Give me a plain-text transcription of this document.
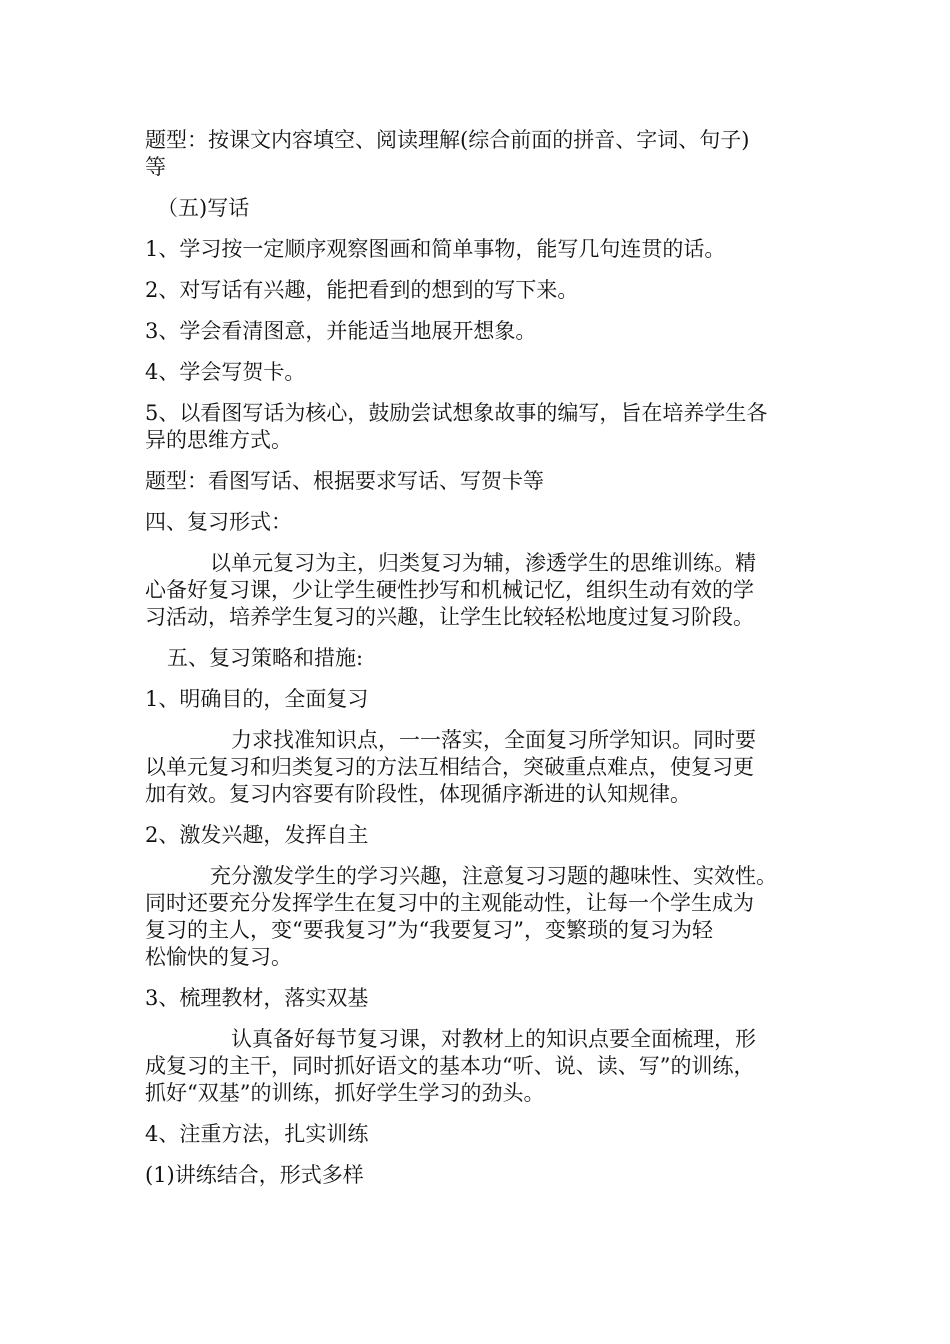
题型：按课文内容填空、阅读理解(综合前面的拼音、字词、句子)
等
（五)写话
1、学习按一定顺序观察图画和简单事物，能写几句连贯的话。
2、对写话有兴趣，能把看到的想到的写下来。
3、学会看清图意，并能适当地展开想象。
4、学会写贺卡。
5、以看图写话为核心，鼓励尝试想象故事的编写，旨在培养学生各
异的思维方式。
题型：看图写话、根据要求写话、写贺卡等
四、复习形式：
以单元复习为主，归类复习为辅，渗透学生的思维训练。精
心备好复习课，少让学生硬性抄写和机械记忆，组织生动有效的学
习活动，培养学生复习的兴趣，让学生比较轻松地度过复习阶段。
五、复习策略和措施:
1、明确目的，全面复习
力求找准知识点，一一落实，全面复习所学知识。同时要
以单元复习和归类复习的方法互相结合，突破重点难点，使复习更
加有效。复习内容要有阶段性，体现循序渐进的认知规律。
2、激发兴趣，发挥自主
充分激发学生的学习兴趣，注意复习习题的趣味性、实效性。
同时还要充分发挥学生在复习中的主观能动性，让每一个学生成为
复习的主人，变“要我复习”为“我要复习”，变繁琐的复习为轻
松愉快的复习。
3、梳理教材，落实双基
认真备好每节复习课，对教材上的知识点要全面梳理，形
成复习的主干，同时抓好语文的基本功“听、说、读、写”的训练，
抓好“双基”的训练，抓好学生学习的劲头。
4、注重方法，扎实训练
(1)讲练结合，形式多样
